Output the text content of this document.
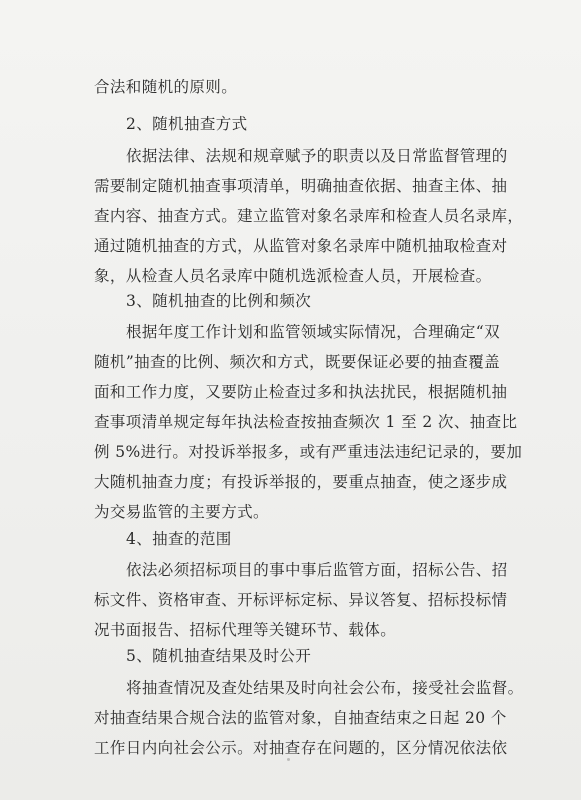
合法和随机的原则。
2、随机抽查方式
依据法律、法规和规章赋予的职责以及日常监督管理的
需要制定随机抽查事项清单，明确抽查依据、抽查主体、抽
查内容、抽查方式。建立监管对象名录库和检查人员名录库，
通过随机抽查的方式，从监管对象名录库中随机抽取检查对
象，从检查人员名录库中随机选派检查人员，开展检查。
3、随机抽查的比例和频次
根据年度工作计划和监管领域实际情况，合理确定“双
随机”抽查的比例、频次和方式，既要保证必要的抽查覆盖
面和工作力度，又要防止检查过多和执法扰民，根据随机抽
查事项清单规定每年执法检查按抽查频次 1 至 2 次、抽查比
例 5%进行。对投诉举报多，或有严重违法违纪记录的，要加
大随机抽查力度；有投诉举报的，要重点抽查，使之逐步成
为交易监管的主要方式。
4、抽查的范围
依法必须招标项目的事中事后监管方面，招标公告、招
标文件、资格审查、开标评标定标、异议答复、招标投标情
况书面报告、招标代理等关键环节、载体。
5、随机抽查结果及时公开
将抽查情况及查处结果及时向社会公布，接受社会监督。
对抽查结果合规合法的监管对象，自抽查结束之日起 20 个
工作日内向社会公示。对抽查存在问题的，区分情况依法依
